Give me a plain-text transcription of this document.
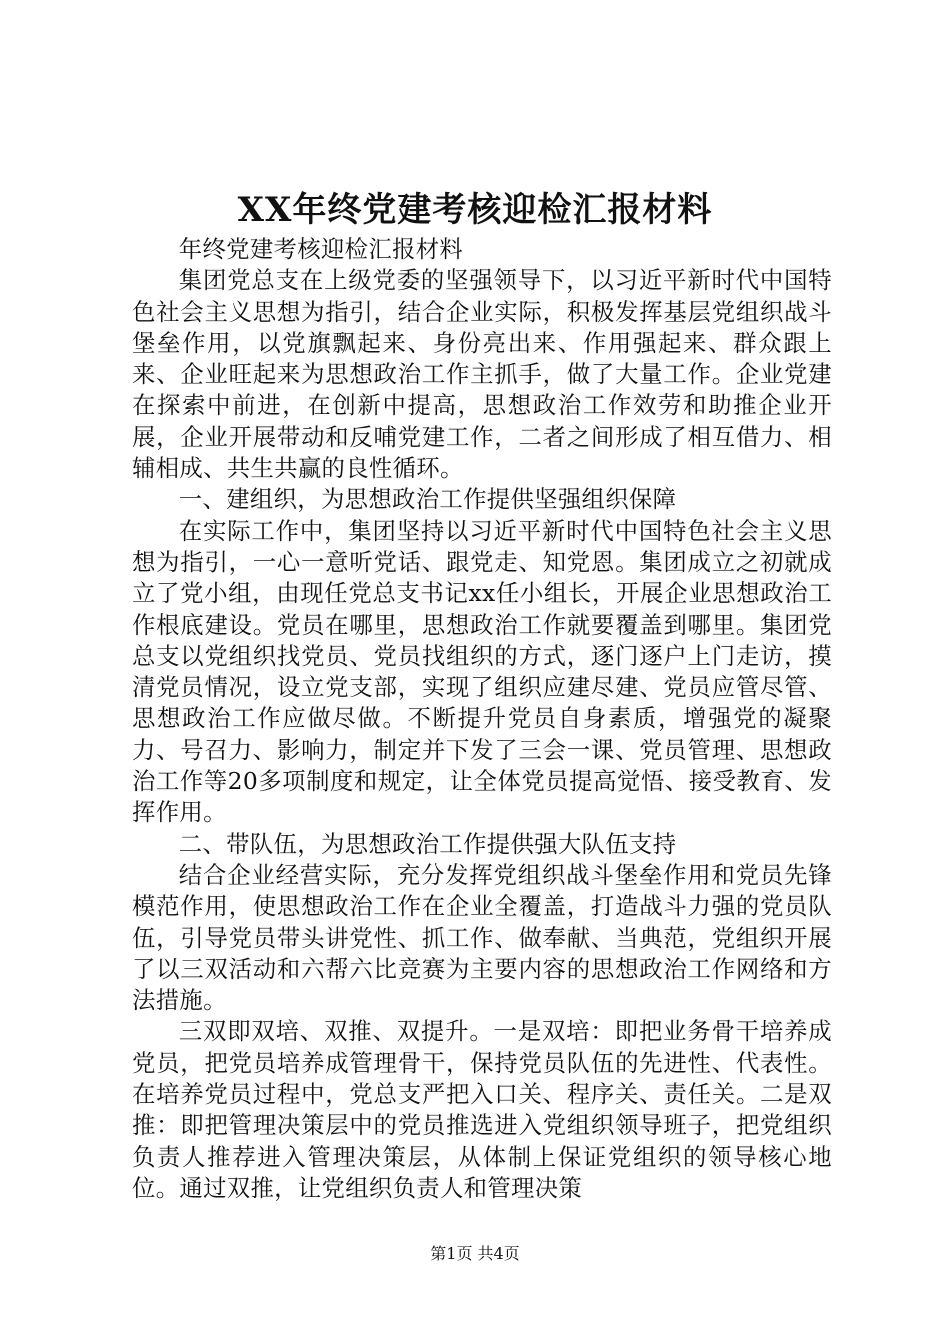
XX年终党建考核迎检汇报材料

年终党建考核迎检汇报材料

集团党总支在上级党委的坚强领导下，以习近平新时代中国特色社会主义思想为指引，结合企业实际，积极发挥基层党组织战斗堡垒作用，以党旗飘起来、身份亮出来、作用强起来、群众跟上来、企业旺起来为思想政治工作主抓手，做了大量工作。企业党建在探索中前进，在创新中提高，思想政治工作效劳和助推企业开展，企业开展带动和反哺党建工作，二者之间形成了相互借力、相辅相成、共生共赢的良性循环。

一、建组织，为思想政治工作提供坚强组织保障

在实际工作中，集团坚持以习近平新时代中国特色社会主义思想为指引，一心一意听党话、跟党走、知党恩。集团成立之初就成立了党小组，由现任党总支书记xx任小组长，开展企业思想政治工作根底建设。党员在哪里，思想政治工作就要覆盖到哪里。集团党总支以党组织找党员、党员找组织的方式，逐门逐户上门走访，摸清党员情况，设立党支部，实现了组织应建尽建、党员应管尽管、思想政治工作应做尽做。不断提升党员自身素质，增强党的凝聚力、号召力、影响力，制定并下发了三会一课、党员管理、思想政治工作等20多项制度和规定，让全体党员提高觉悟、接受教育、发挥作用。

二、带队伍，为思想政治工作提供强大队伍支持

结合企业经营实际，充分发挥党组织战斗堡垒作用和党员先锋模范作用，使思想政治工作在企业全覆盖，打造战斗力强的党员队伍，引导党员带头讲党性、抓工作、做奉献、当典范，党组织开展了以三双活动和六帮六比竞赛为主要内容的思想政治工作网络和方法措施。

三双即双培、双推、双提升。一是双培：即把业务骨干培养成党员，把党员培养成管理骨干，保持党员队伍的先进性、代表性。在培养党员过程中，党总支严把入口关、程序关、责任关。二是双推：即把管理决策层中的党员推选进入党组织领导班子，把党组织负责人推荐进入管理决策层，从体制上保证党组织的领导核心地位。通过双推，让党组织负责人和管理决策

第1页 共4页
